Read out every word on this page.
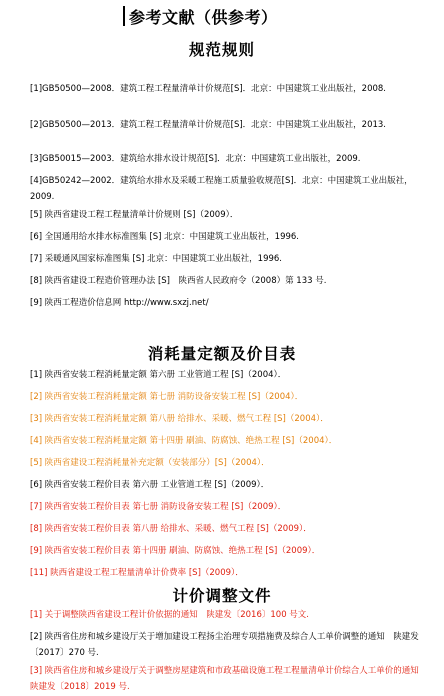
参考文献（供参考）
规范规则
[1]GB50500—2008．建筑工程工程量清单计价规范[S]．北京：中国建筑工业出版社，2008.
[2]GB50500—2013．建筑工程工程量清单计价规范[S]．北京：中国建筑工业出版社，2013.
[3]GB50015—2003．建筑给水排水设计规范[S]．北京：中国建筑工业出版社，2009.
[4]GB50242—2002．建筑给水排水及采暖工程施工质量验收规范[S]．北京：中国建筑工业出版社，2009.
[5] 陕西省建设工程工程量清单计价规则 [S]（2009）．
[6] 全国通用给水排水标准图集 [S] 北京：中国建筑工业出版社，1996.
[7] 采暖通风国家标准图集 [S] 北京：中国建筑工业出版社，1996.
[8] 陕西省建设工程造价管理办法 [S]　陕西省人民政府令（2008）第 133 号.
[9] 陕西工程造价信息网 http://www.sxzj.net/
消耗量定额及价目表
[1] 陕西省安装工程消耗量定额 第六册 工业管道工程 [S]（2004）．
[2] 陕西省安装工程消耗量定额 第七册 消防设备安装工程 [S]（2004）．
[3] 陕西省安装工程消耗量定额 第八册 给排水、采暖、燃气工程 [S]（2004）．
[4] 陕西省安装工程消耗量定额 第十四册 刷油、防腐蚀、绝热工程 [S]（2004）．
[5] 陕西省建设工程消耗量补充定额（安装部分）[S]（2004）．
[6] 陕西省安装工程价目表 第六册 工业管道工程 [S]（2009）．
[7] 陕西省安装工程价目表 第七册 消防设备安装工程 [S]（2009）．
[8] 陕西省安装工程价目表 第八册 给排水、采暖、燃气工程 [S]（2009）．
[9] 陕西省安装工程价目表 第十四册 刷油、防腐蚀、绝热工程 [S]（2009）．
[11] 陕西省建设工程工程量清单计价费率 [S]（2009）．
计价调整文件
[1] 关于调整陕西省建设工程计价依据的通知　陕建发〔2016〕100 号文.
[2] 陕西省住房和城乡建设厅关于增加建设工程扬尘治理专项措施费及综合人工单价调整的通知　陕建发〔2017〕270 号.
[3] 陕西省住房和城乡建设厅关于调整房屋建筑和市政基础设施工程工程量清单计价综合人工单价的通知　陕建发〔2018〕2019 号.
